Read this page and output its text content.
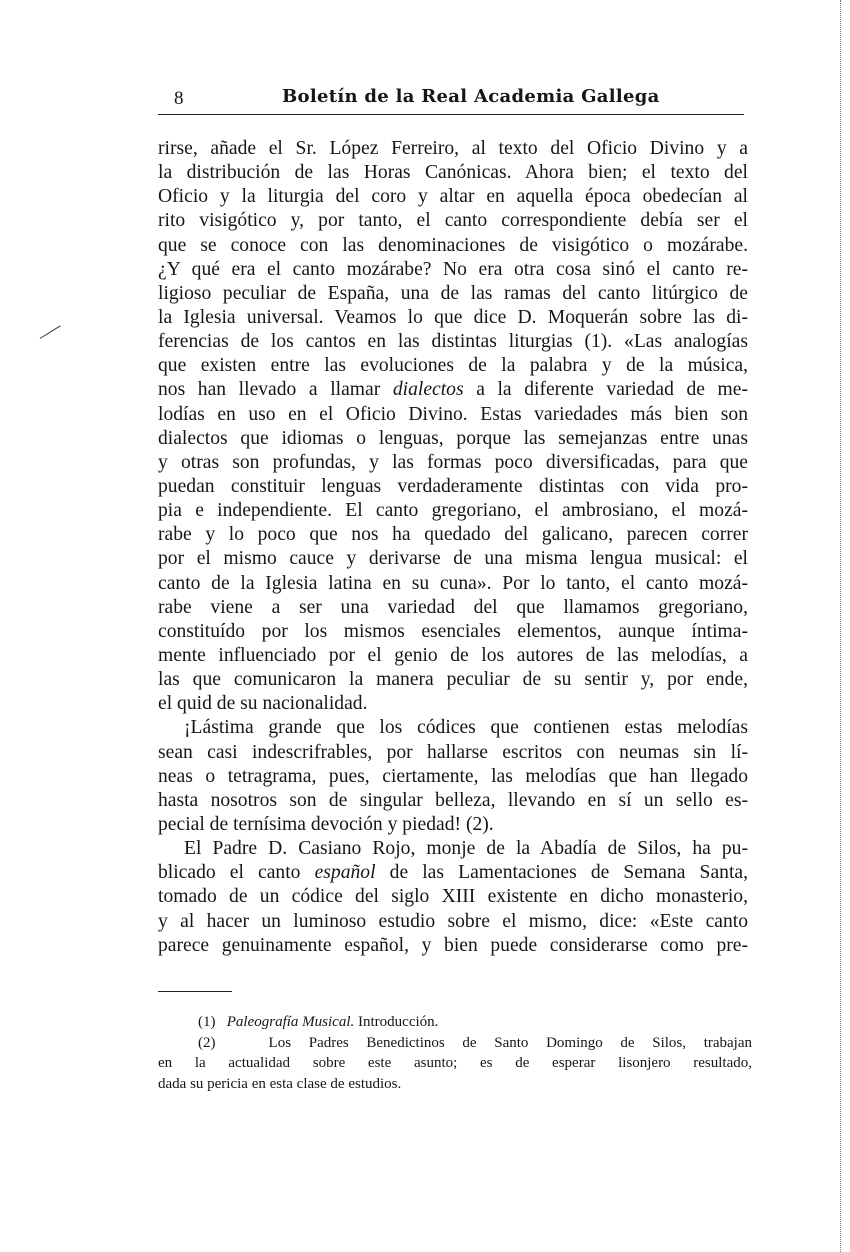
8	Boletín de la Real Academia Gallega
rirse, añade el Sr. López Ferreiro, al texto del Oficio Divino y a
la distribución de las Horas Canónicas. Ahora bien; el texto del
Oficio y la liturgia del coro y altar en aquella época obedecían al
rito visigótico y, por tanto, el canto correspondiente debía ser el
que se conoce con las denominaciones de visigótico o mozárabe.
¿Y qué era el canto mozárabe? No era otra cosa sinó el canto re-
ligioso peculiar de España, una de las ramas del canto litúrgico de
la Iglesia universal. Veamos lo que dice D. Moquerán sobre las di-
ferencias de los cantos en las distintas liturgias (1). «Las analogías
que existen entre las evoluciones de la palabra y de la música,
nos han llevado a llamar dialectos a la diferente variedad de me-
lodías en uso en el Oficio Divino. Estas variedades más bien son
dialectos que idiomas o lenguas, porque las semejanzas entre unas
y otras son profundas, y las formas poco diversificadas, para que
puedan constituir lenguas verdaderamente distintas con vida pro-
pia e independiente. El canto gregoriano, el ambrosiano, el mozá-
rabe y lo poco que nos ha quedado del galicano, parecen correr
por el mismo cauce y derivarse de una misma lengua musical: el
canto de la Iglesia latina en su cuna». Por lo tanto, el canto mozá-
rabe viene a ser una variedad del que llamamos gregoriano,
constituído por los mismos esenciales elementos, aunque íntima-
mente influenciado por el genio de los autores de las melodías, a
las que comunicaron la manera peculiar de su sentir y, por ende,
el quid de su nacionalidad.
¡Lástima grande que los códices que contienen estas melodías
sean casi indescrifrables, por hallarse escritos con neumas sin lí-
neas o tetragrama, pues, ciertamente, las melodías que han llegado
hasta nosotros son de singular belleza, llevando en sí un sello es-
pecial de ternísima devoción y piedad! (2).
El Padre D. Casiano Rojo, monje de la Abadía de Silos, ha pu-
blicado el canto español de las Lamentaciones de Semana Santa,
tomado de un códice del siglo XIII existente en dicho monasterio,
y al hacer un luminoso estudio sobre el mismo, dice: «Este canto
parece genuinamente español, y bien puede considerarse como pre-
(1) Paleografía Musical. Introducción.
(2)	Los Padres Benedictinos de Santo Domingo de Silos, trabajan
en la actualidad sobre este asunto; es de esperar lisonjero resultado,
dada su pericia en esta clase de estudios.
